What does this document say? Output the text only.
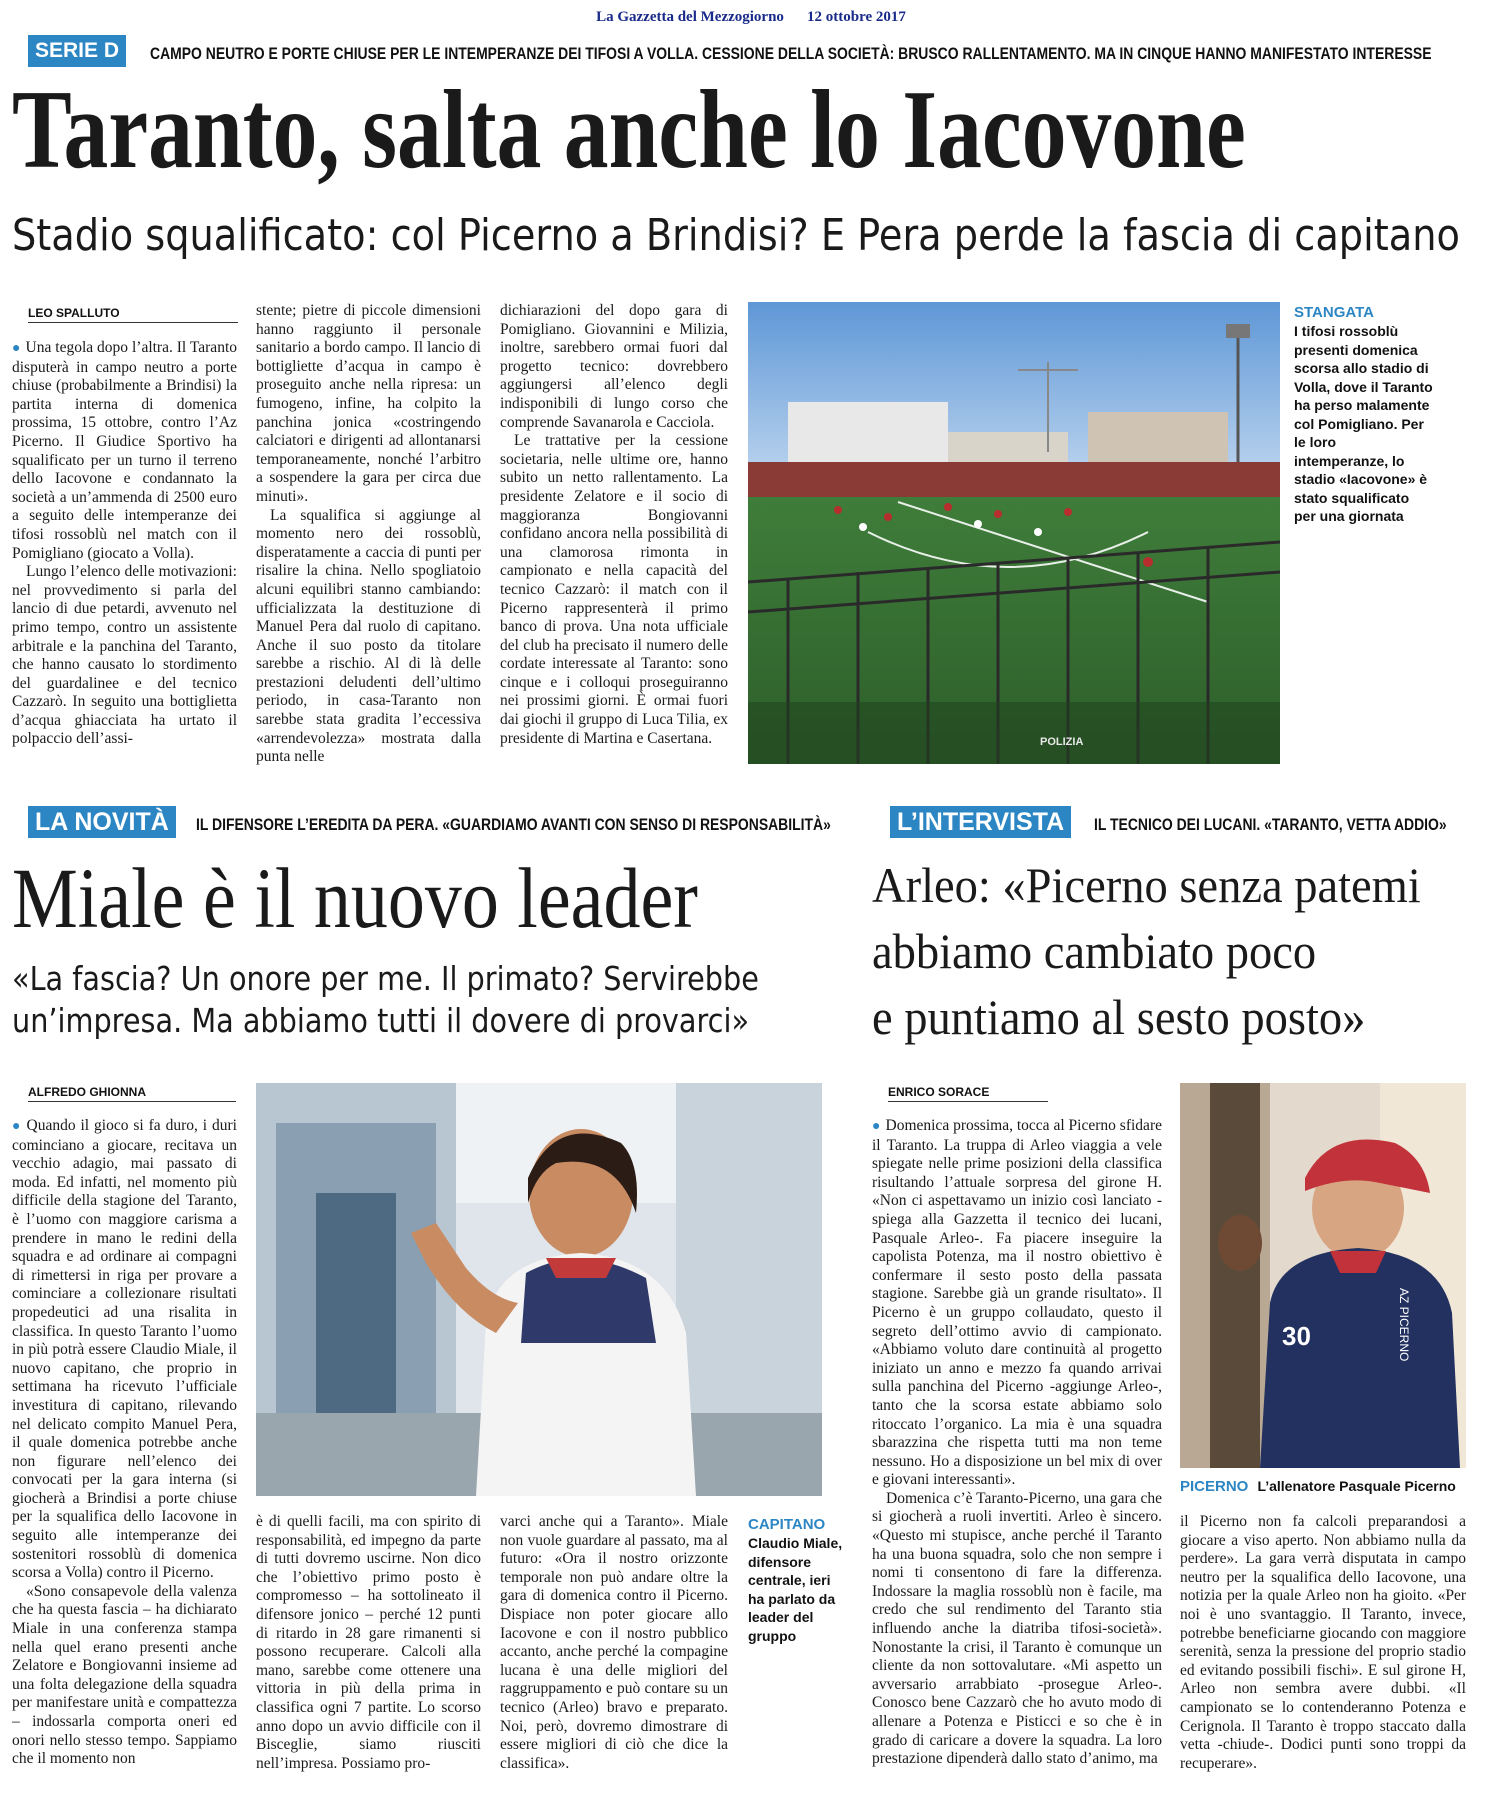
La Gazzetta del Mezzogiorno 12 ottobre 2017
SERIE D	CAMPO NEUTRO E PORTE CHIUSE PER LE INTEMPERANZE DEI TIFOSI A VOLLA. CESSIONE DELLA SOCIETÀ: BRUSCO RALLENTAMENTO. MA IN CINQUE HANNO MANIFESTATO INTERESSE
Taranto, salta anche lo Iacovone
Stadio squalificato: col Picerno a Brindisi? E Pera perde la fascia di capitano
LEO SPALLUTO

● Una tegola dopo l’altra. Il Taranto disputerà in campo neutro a porte chiuse (probabilmente a Brindisi) la partita interna di domenica prossima, 15 ottobre, contro l’Az Picerno. Il Giudice Sportivo ha squalificato per un turno il terreno dello Iacovone e condannato la società a un’ammenda di 2500 euro a seguito delle intemperanze dei tifosi rossoblù nel match con il Pomigliano (giocato a Volla).

Lungo l’elenco delle motivazioni: nel provvedimento si parla del lancio di due petardi, avvenuto nel primo tempo, contro un assistente arbitrale e la panchina del Taranto, che hanno causato lo stordimento del guardalinee e del tecnico Cazzarò. In seguito una bottiglietta d’acqua ghiacciata ha urtato il polpaccio dell’assi-

stente; pietre di piccole dimensioni hanno raggiunto il personale sanitario a bordo campo. Il lancio di bottigliette d’acqua in campo è proseguito anche nella ripresa: un fumogeno, infine, ha colpito la panchina jonica «costringendo calciatori e dirigenti ad allontanarsi temporaneamente, nonché l’arbitro a sospendere la gara per circa due minuti».

La squalifica si aggiunge al momento nero dei rossoblù, disperatamente a caccia di punti per risalire la china. Nello spogliatoio alcuni equilibri stanno cambiando: ufficializzata la destituzione di Manuel Pera dal ruolo di capitano. Anche il suo posto da titolare sarebbe a rischio. Al di là delle prestazioni deludenti dell’ultimo periodo, in casa-Taranto non sarebbe stata gradita l’eccessiva «arrendevolezza» mostrata dalla punta nelle

dichiarazioni del dopo gara di Pomigliano. Giovannini e Milizia, inoltre, sarebbero ormai fuori dal progetto tecnico: dovrebbero aggiungersi all’elenco degli indisponibili di lungo corso che comprende Savanarola e Cacciola.

Le trattative per la cessione societaria, nelle ultime ore, hanno subito un netto rallentamento. La presidente Zelatore e il socio di maggioranza Bongiovanni confidano ancora nella possibilità di una clamorosa rimonta in campionato e nella capacità del tecnico Cazzarò: il match con il Picerno rappresenterà il primo banco di prova. Una nota ufficiale del club ha precisato il numero delle cordate interessate al Taranto: sono cinque e i colloqui proseguiranno nei prossimi giorni. È ormai fuori dai giochi il gruppo di Luca Tilia, ex presidente di Martina e Casertana.	POLIZIA
STANGATA
I tifosi rossoblù presenti domenica scorsa allo stadio di Volla, dove il Taranto ha perso malamente col Pomigliano. Per le loro intemperanze, lo stadio «Iacovone» è stato squalificato per una giornata
LA NOVITÀ	IL DIFENSORE L’EREDITA DA PERA. «GUARDIAMO AVANTI CON SENSO DI RESPONSABILITÀ»
Miale è il nuovo leader
«La fascia? Un onore per me. Il primato? Servirebbe
un’impresa. Ma abbiamo tutti il dovere di provarci»
ALFREDO GHIONNA

● Quando il gioco si fa duro, i duri cominciano a giocare, recitava un vecchio adagio, mai passato di moda. Ed infatti, nel momento più difficile della stagione del Taranto, è l’uomo con maggiore carisma a prendere in mano le redini della squadra e ad ordinare ai compagni di rimettersi in riga per provare a cominciare a collezionare risultati propedeutici ad una risalita in classifica. In questo Taranto l’uomo in più potrà essere Claudio Miale, il nuovo capitano, che proprio in settimana ha ricevuto l’ufficiale investitura di capitano, rilevando nel delicato compito Manuel Pera, il quale domenica potrebbe anche non figurare nell’elenco dei convocati per la gara interna (si giocherà a Brindisi a porte chiuse per la squalifica dello Iacovone in seguito alle intemperanze dei sostenitori rossoblù di domenica scorsa a Volla) contro il Picerno.

«Sono consapevole della valenza che ha questa fascia – ha dichiarato Miale in una conferenza stampa nella quel erano presenti anche Zelatore e Bongiovanni insieme ad una folta delegazione della squadra per manifestare unità e compattezza – indossarla comporta oneri ed onori nello stesso tempo. Sappiamo che il momento non

è di quelli facili, ma con spirito di responsabilità, ed impegno da parte di tutti dovremo uscirne. Non dico che l’obiettivo primo posto è compromesso – ha sottolineato il difensore jonico – perché 12 punti di ritardo in 28 gare rimanenti si possono recuperare. Calcoli alla mano, sarebbe come ottenere una vittoria in più della prima in classifica ogni 7 partite. Lo scorso anno dopo un avvio difficile con il Bisceglie, siamo riusciti nell’impresa. Possiamo pro-

varci anche qui a Taranto». Miale non vuole guardare al passato, ma al futuro: «Ora il nostro orizzonte temporale non può andare oltre la gara di domenica contro il Picerno. Dispiace non poter giocare allo Iacovone e con il nostro pubblico accanto, anche perché la compagine lucana è una delle migliori del raggruppamento e può contare su un tecnico (Arleo) bravo e preparato. Noi, però, dovremo dimostrare di essere migliori di ciò che dice la classifica».

CAPITANO
Claudio Miale, difensore centrale, ieri ha parlato da leader del gruppo
L’INTERVISTA	IL TECNICO DEI LUCANI. «TARANTO, VETTA ADDIO»
Arleo: «Picerno senza patemi
abbiamo cambiato poco
e puntiamo al sesto posto»
ENRICO SORACE

● Domenica prossima, tocca al Picerno sfidare il Taranto. La truppa di Arleo viaggia a vele spiegate nelle prime posizioni della classifica risultando l’attuale sorpresa del girone H. «Non ci aspettavamo un inizio così lanciato -spiega alla Gazzetta il tecnico dei lucani, Pasquale Arleo-. Fa piacere inseguire la capolista Potenza, ma il nostro obiettivo è confermare il sesto posto della passata stagione. Sarebbe già un grande risultato». Il Picerno è un gruppo collaudato, questo il segreto dell’ottimo avvio di campionato. «Abbiamo voluto dare continuità al progetto iniziato un anno e mezzo fa quando arrivai sulla panchina del Picerno -aggiunge Arleo-, tanto che la scorsa estate abbiamo solo ritoccato l’organico. La mia è una squadra sbarazzina che rispetta tutti ma non teme nessuno. Ho a disposizione un bel mix di over e giovani interessanti».

Domenica c’è Taranto-Picerno, una gara che si giocherà a ruoli invertiti. Arleo è sincero. «Questo mi stupisce, anche perché il Taranto ha una buona squadra, solo che non sempre i nomi ti consentono di fare la differenza. Indossare la maglia rossoblù non è facile, ma credo che sul rendimento del Taranto stia influendo anche la diatriba tifosi-società». Nonostante la crisi, il Taranto è comunque un cliente da non sottovalutare. «Mi aspetto un avversario arrabbiato -prosegue Arleo-. Conosco bene Cazzarò che ho avuto modo di allenare a Potenza e Pisticci e so che è in grado di caricare a dovere la squadra. La loro prestazione dipenderà dallo stato d’animo, ma

30	AZ PICERNO
PICERNO L’allenatore Pasquale Picerno

il Picerno non fa calcoli preparandosi a giocare a viso aperto. Non abbiamo nulla da perdere». La gara verrà disputata in campo neutro per la squalifica dello Iacovone, una notizia per la quale Arleo non ha gioito. «Per noi è uno svantaggio. Il Taranto, invece, potrebbe beneficiarne giocando con maggiore serenità, senza la pressione del proprio stadio ed evitando possibili fischi». E sul girone H, Arleo non sembra avere dubbi. «Il campionato se lo contenderanno Potenza e Cerignola. Il Taranto è troppo staccato dalla vetta -chiude-. Dodici punti sono troppi da recuperare».
